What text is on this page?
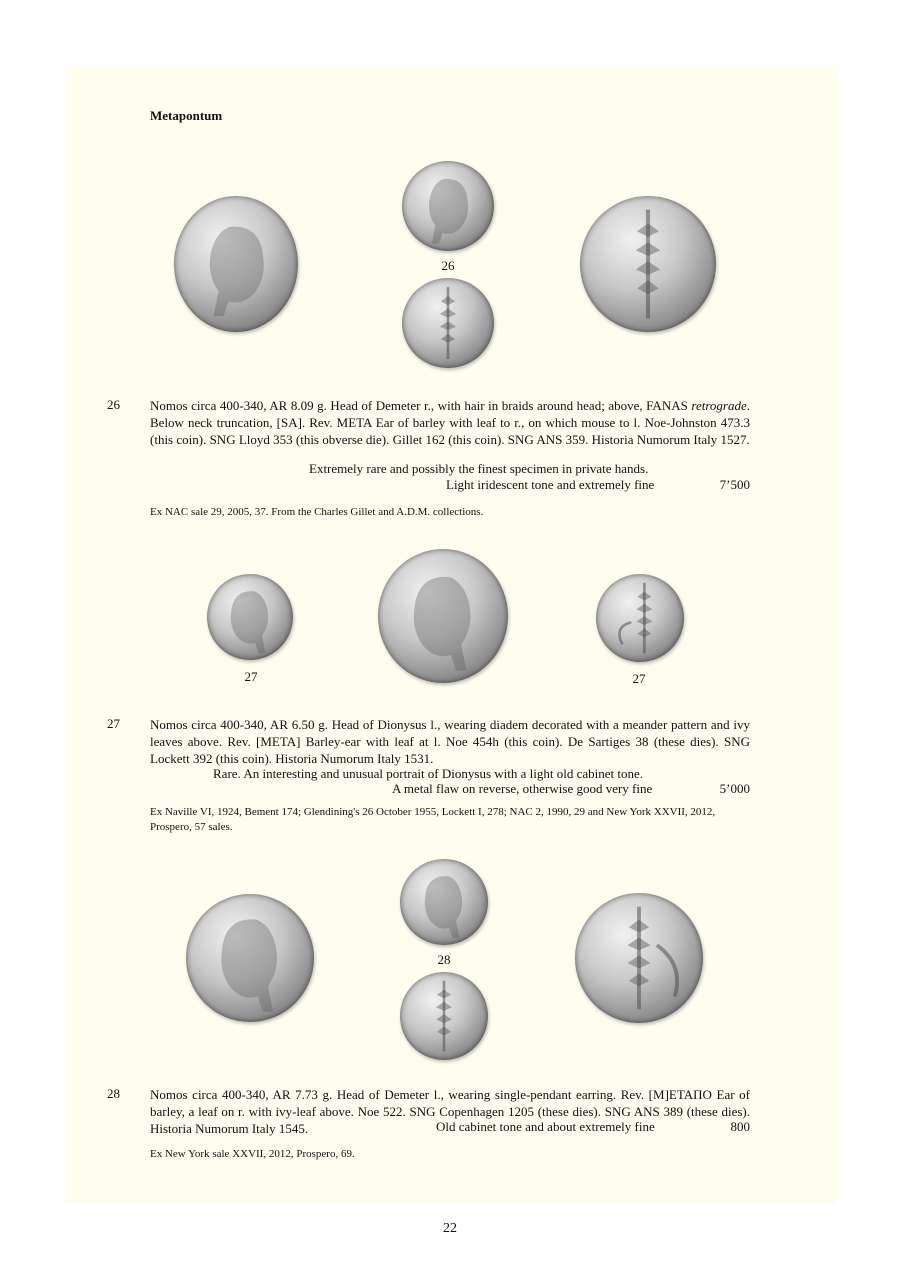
Metapontum
26
26 Nomos circa 400-340, AR 8.09 g. Head of Demeter r., with hair in braids around head; above, FANAS retrograde. Below neck truncation, [SA]. Rev. META Ear of barley with leaf to r., on which mouse to l. Noe-Johnston 473.3 (this coin). SNG Lloyd 353 (this obverse die). Gillet 162 (this coin). SNG ANS 359. Historia Numorum Italy 1527.
Extremely rare and possibly the finest specimen in private hands.
Light iridescent tone and extremely fine	7’500
Ex NAC sale 29, 2005, 37. From the Charles Gillet and A.D.M. collections.
27	27
27 Nomos circa 400-340, AR 6.50 g. Head of Dionysus l., wearing diadem decorated with a meander pattern and ivy leaves above. Rev. [META] Barley-ear with leaf at l. Noe 454h (this coin). De Sartiges 38 (these dies). SNG Lockett 392 (this coin). Historia Numorum Italy 1531.
Rare. An interesting and unusual portrait of Dionysus with a light old cabinet tone.
A metal flaw on reverse, otherwise good very fine	5’000
Ex Naville VI, 1924, Bement 174; Glendining's 26 October 1955, Lockett I, 278; NAC 2, 1990, 29 and New York XXVII, 2012, Prospero, 57 sales.
28
28 Nomos circa 400-340, AR 7.73 g. Head of Demeter l., wearing single-pendant earring. Rev. [M]ΕΤΑΠΟ Ear of barley, a leaf on r. with ivy-leaf above. Noe 522. SNG Copenhagen 1205 (these dies). SNG ANS 389 (these dies). Historia Numorum Italy 1545.	Old cabinet tone and about extremely fine	800
Ex New York sale XXVII, 2012, Prospero, 69.
22
